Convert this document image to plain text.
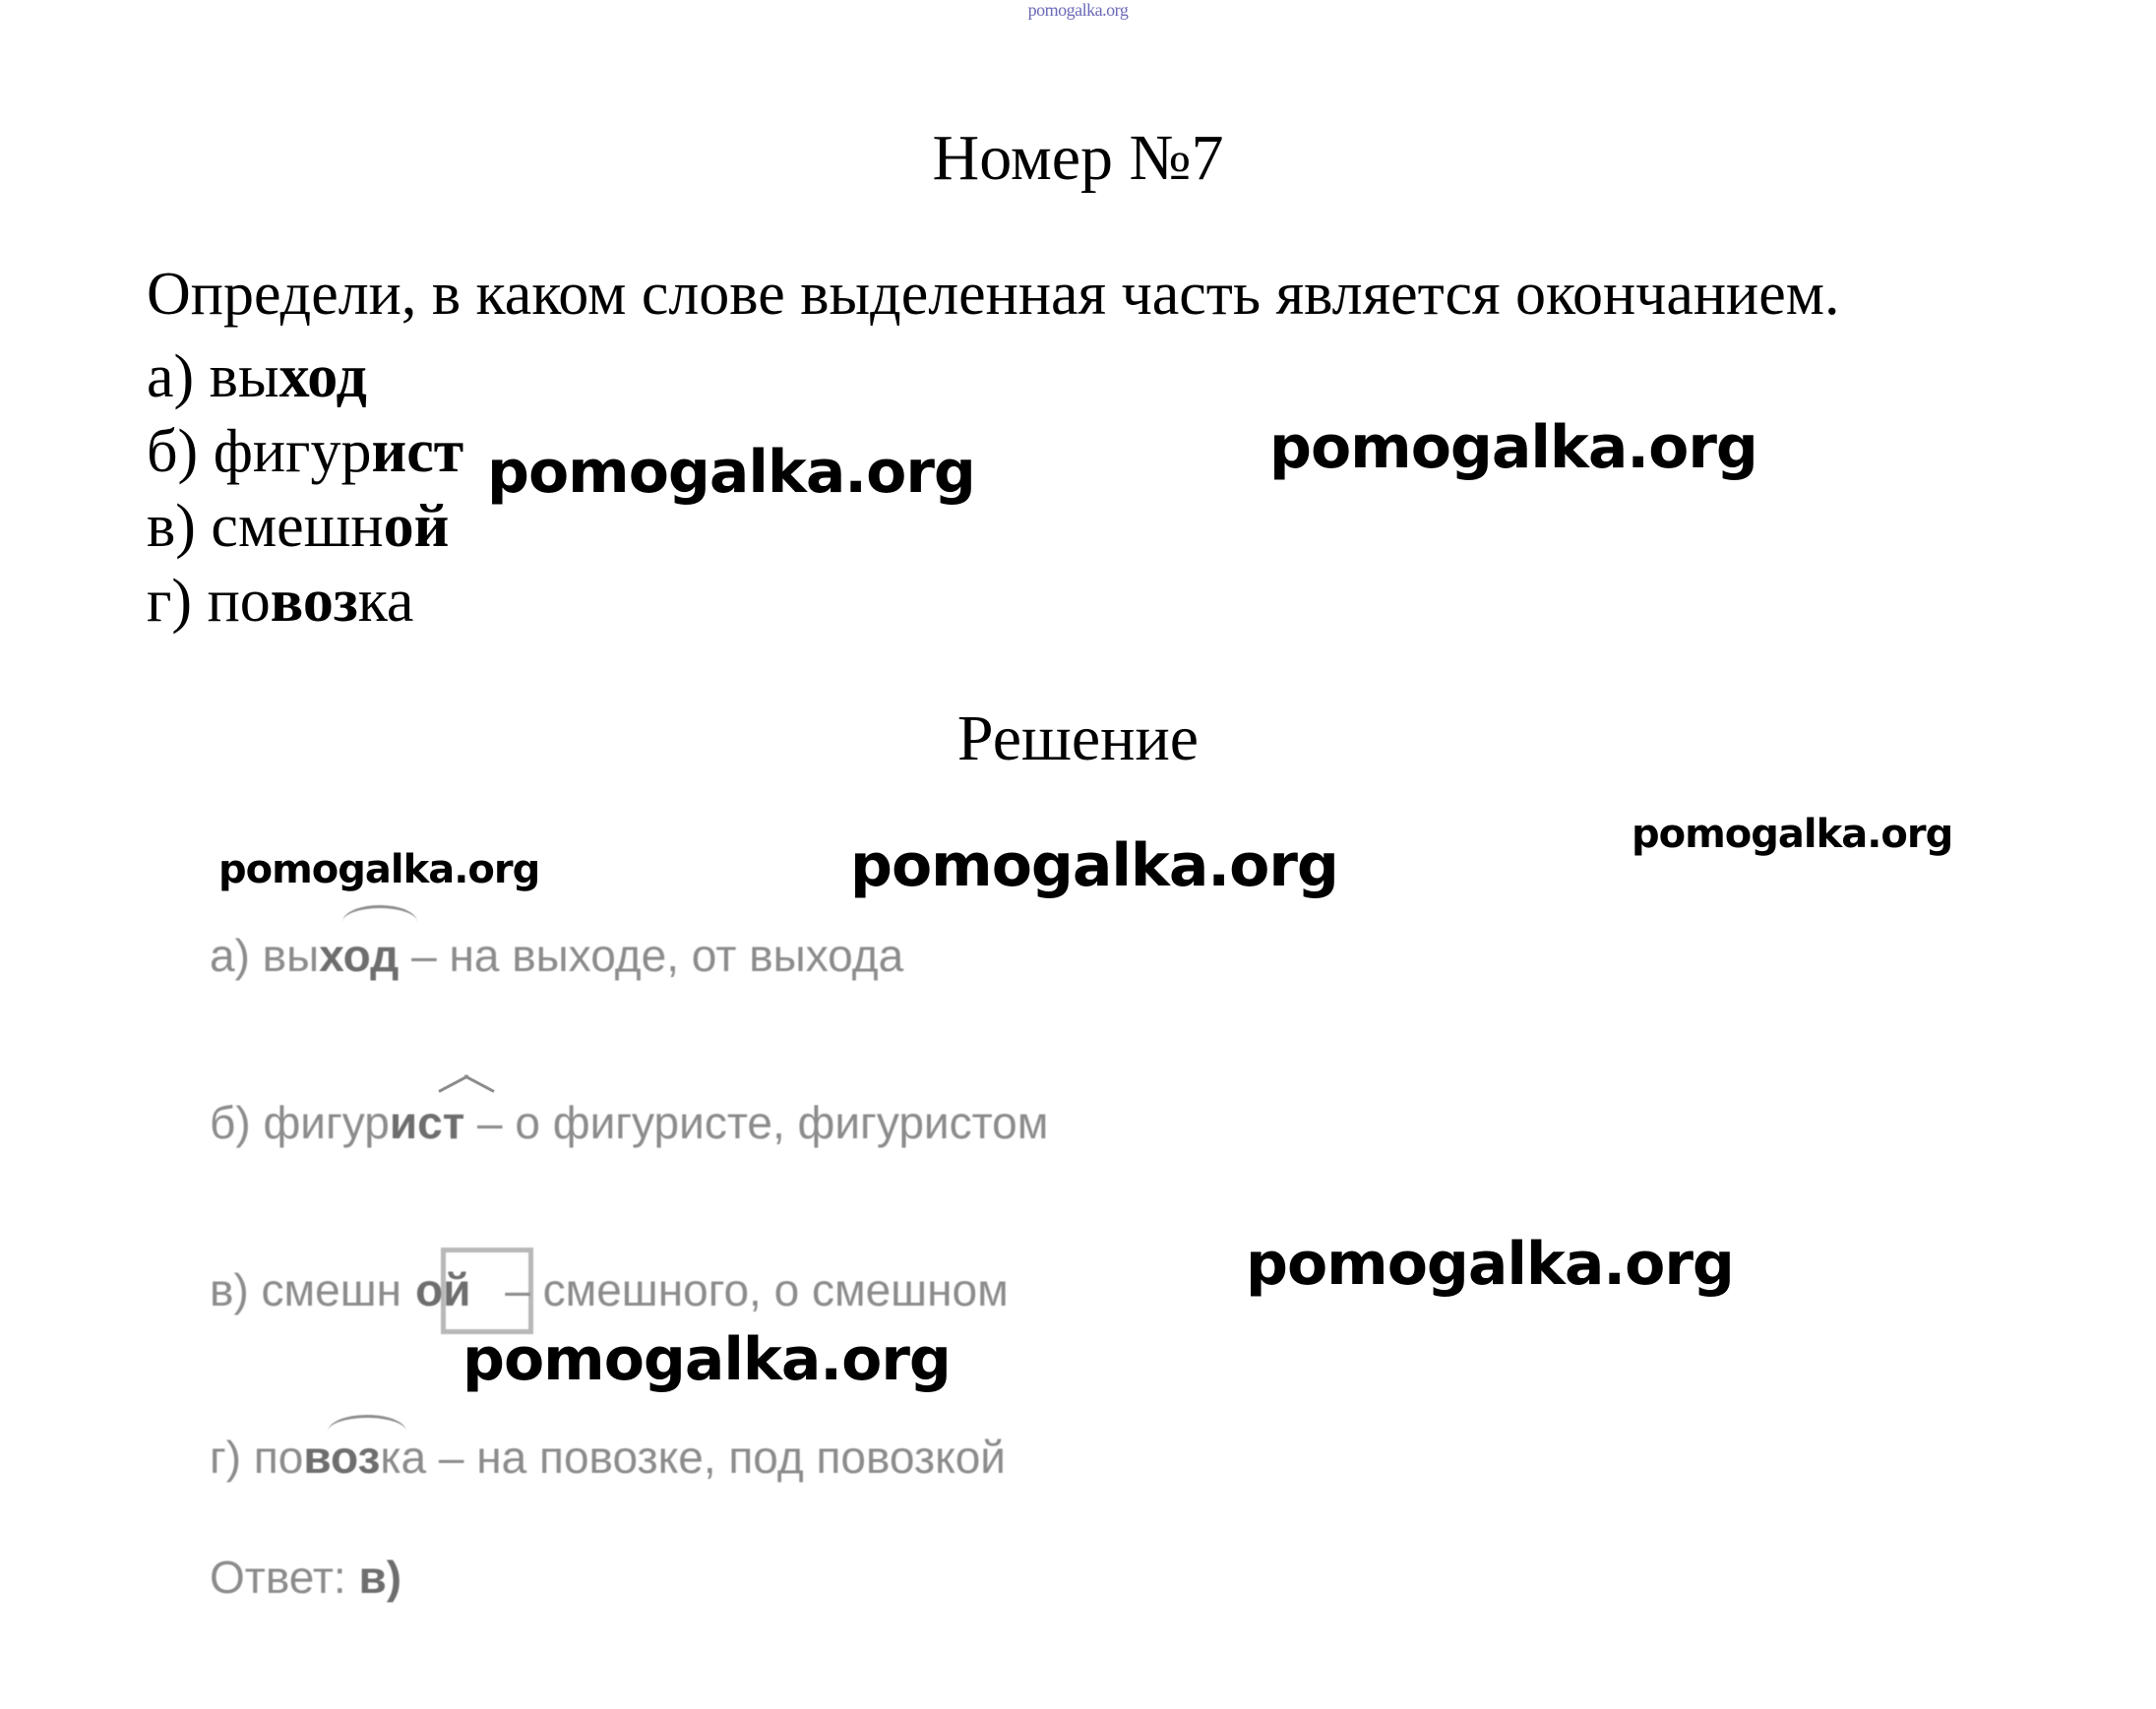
pomogalka.org
Номер №7
Определи, в каком слове выделенная часть является окончанием.
а) выход
б) фигурист
в) смешной
г) повозка
Решение
а) выход – на выходе, от выхода
б) фигурист – о фигуристе, фигуристом
в) смешн ой – смешного, о смешном
г) повозка – на повозке, под повозкой
Ответ: в)
pomogalka.org	pomogalka.org
pomogalka.org	pomogalka.org	pomogalka.org
pomogalka.org
pomogalka.org
